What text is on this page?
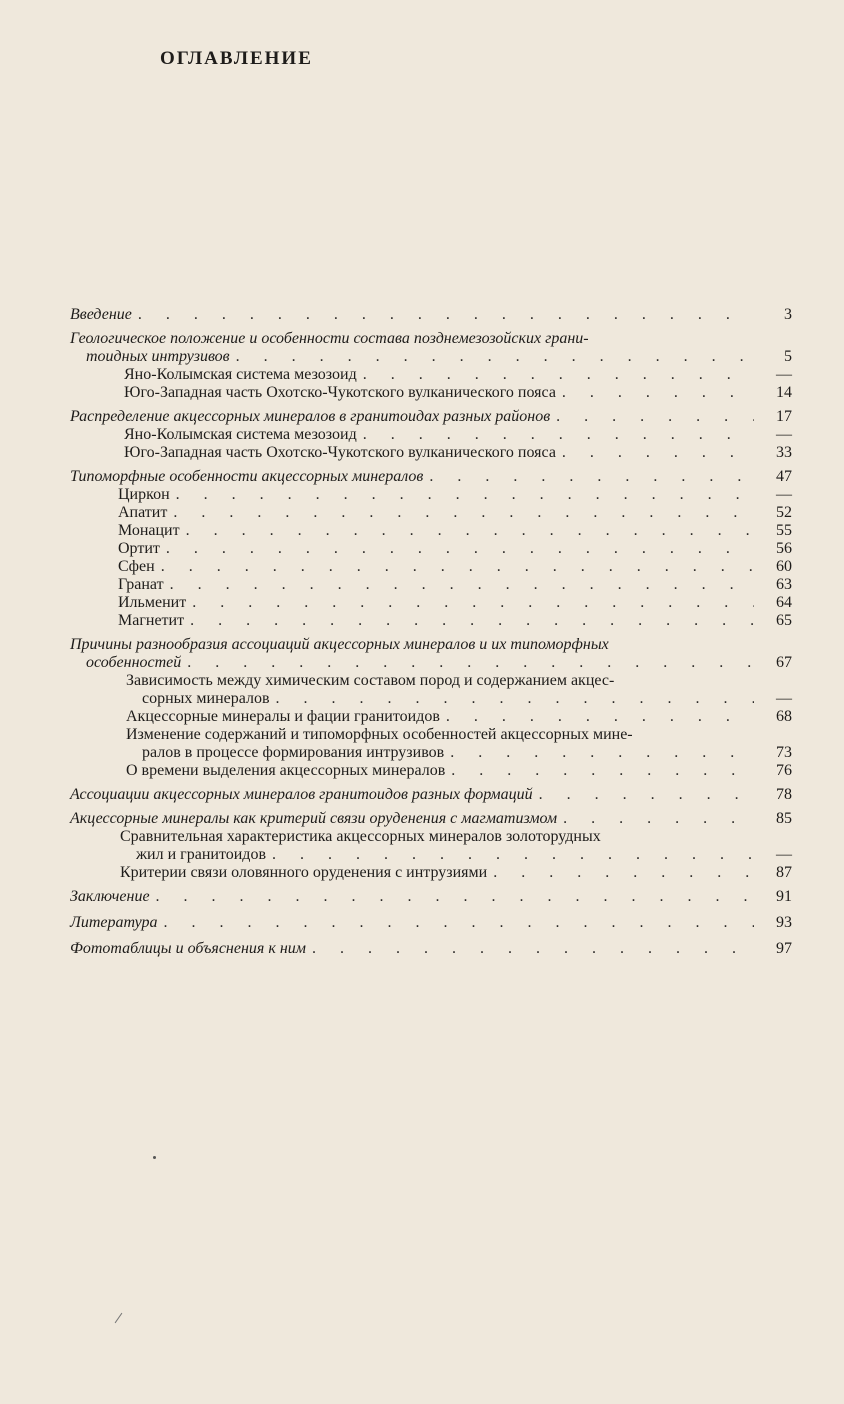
ОГЛАВЛЕНИЕ
Введение . . .	3
Геологическое положение и особенности состава позднемезозойских грани-
тоидных интрузивов . . .	5
Яно-Колымская система мезозоид . . .	—
Юго-Западная часть Охотско-Чукотского вулканического пояса . . .	14
Распределение акцессорных минералов в гранитоидах разных районов . . .	17
Яно-Колымская система мезозоид . . .	—
Юго-Западная часть Охотско-Чукотского вулканического пояса . . .	33
Типоморфные особенности акцессорных минералов . . .	47
Циркон . . .	—
Апатит . . .	52
Монацит . . .	55
Ортит . . .	56
Сфен . . .	60
Гранат . . .	63
Ильменит . . .	64
Магнетит . . .	65
Причины разнообразия ассоциаций акцессорных минералов и их типоморфных
особенностей . . .	67
Зависимость между химическим составом пород и содержанием акцес-
сорных минералов . . .	—
Акцессорные минералы и фации гранитоидов . . .	68
Изменение содержаний и типоморфных особенностей акцессорных мине-
ралов в процессе формирования интрузивов . . .	73
О времени выделения акцессорных минералов . . .	76
Ассоциации акцессорных минералов гранитоидов разных формаций . . .	78
Акцессорные минералы как критерий связи оруденения с магматизмом . . .	85
Сравнительная характеристика акцессорных минералов золоторудных
жил и гранитоидов . . .	—
Критерии связи оловянного оруденения с интрузиями . . .	87
Заключение . . .	91
Литература . . .	93
Фототаблицы и объяснения к ним . . .	97
